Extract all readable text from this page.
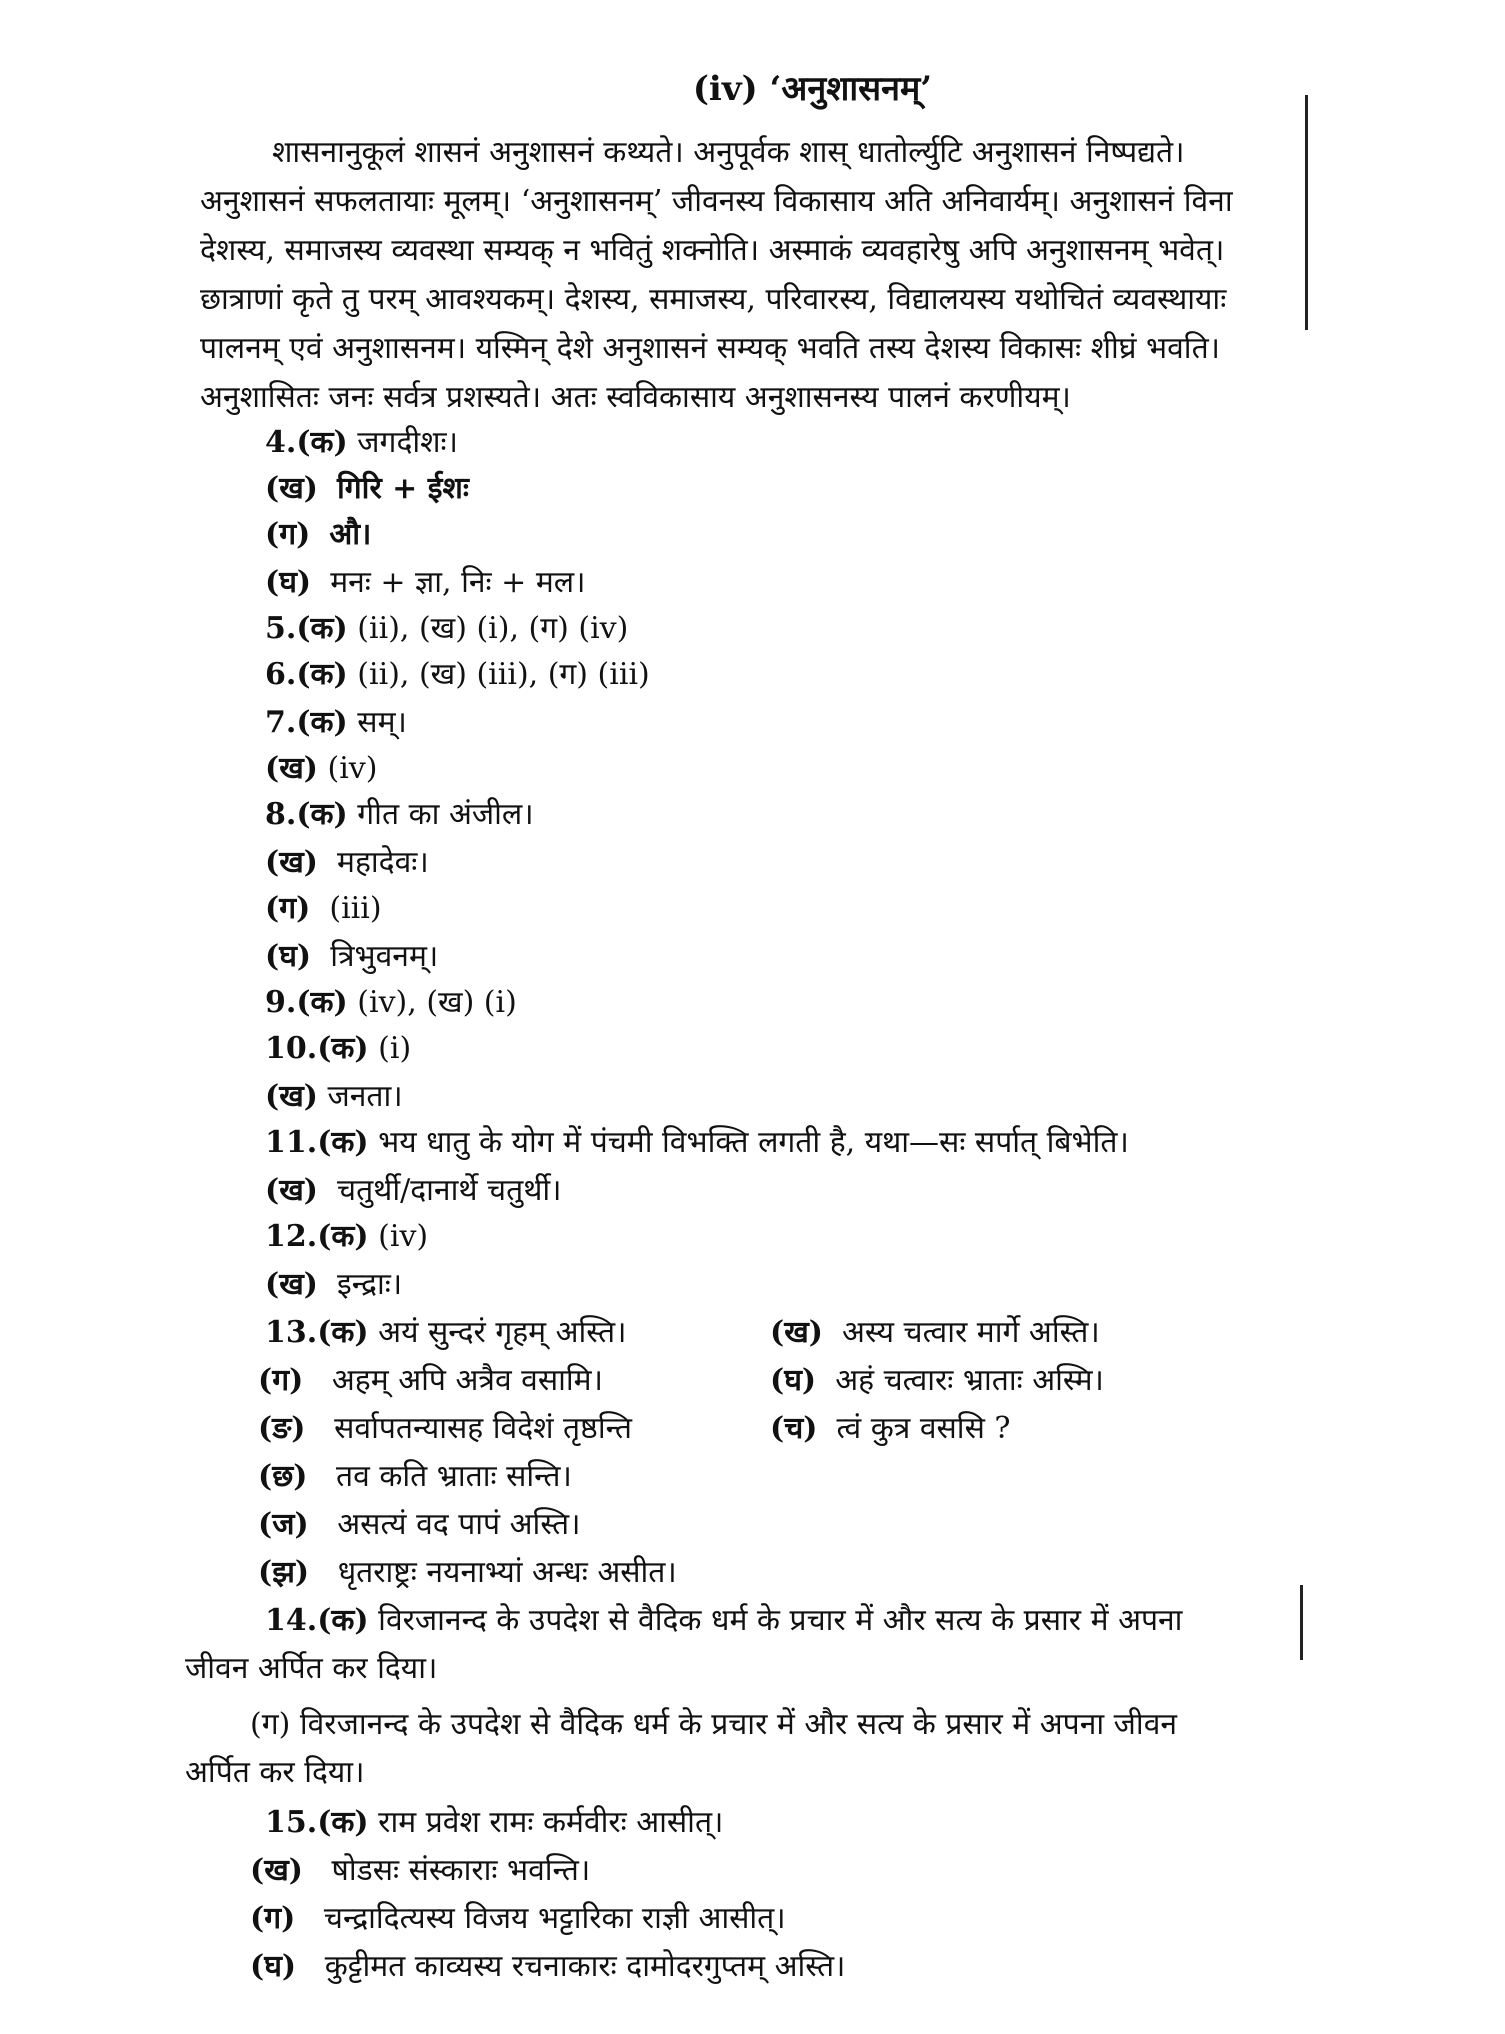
(iv) ‘अनुशासनम्’
शासनानुकूलं शासनं अनुशासनं कथ्यते। अनुपूर्वक शास् धातोर्ल्युटि अनुशासनं निष्पद्यते।
अनुशासनं सफलतायाः मूलम्। ‘अनुशासनम्’ जीवनस्य विकासाय अति अनिवार्यम्। अनुशासनं विना
देशस्य, समाजस्य व्यवस्था सम्यक् न भवितुं शक्नोति। अस्माकं व्यवहारेषु अपि अनुशासनम् भवेत्।
छात्राणां कृते तु परम् आवश्यकम्। देशस्य, समाजस्य, परिवारस्य, विद्यालयस्य यथोचितं व्यवस्थायाः
पालनम् एवं अनुशासनम। यस्मिन् देशे अनुशासनं सम्यक् भवति तस्य देशस्य विकासः शीघ्रं भवति।
अनुशासितः जनः सर्वत्र प्रशस्यते। अतः स्वविकासाय अनुशासनस्य पालनं करणीयम्।
4.(क) जगदीशः।
(ख) गिरि + ईशः
(ग) औ।
(घ) मनः + ज्ञा, निः + मल।
5.(क) (ii), (ख) (i), (ग) (iv)
6.(क) (ii), (ख) (iii), (ग) (iii)
7.(क) सम्।
(ख) (iv)
8.(क) गीत का अंजील।
(ख) महादेवः।
(ग) (iii)
(घ) त्रिभुवनम्।
9.(क) (iv), (ख) (i)
10.(क) (i)
(ख) जनता।
11.(क) भय धातु के योग में पंचमी विभक्ति लगती है, यथा—सः सर्पात् बिभेति।
(ख) चतुर्थी/दानार्थे चतुर्थी।
12.(क) (iv)
(ख) इन्द्राः।
13.(क) अयं सुन्दरं गृहम् अस्ति।	(ख) अस्य चत्वार मार्गे अस्ति।
(ग) अहम् अपि अत्रैव वसामि।	(घ) अहं चत्वारः भ्राताः अस्मि।
(ङ) सर्वापतन्यासह विदेशं तृष्ठन्ति	(च) त्वं कुत्र वससि ?
(छ) तव कति भ्राताः सन्ति।
(ज) असत्यं वद पापं अस्ति।
(झ) धृतराष्ट्रः नयनाभ्यां अन्धः असीत।
14.(क) विरजानन्द के उपदेश से वैदिक धर्म के प्रचार में और सत्य के प्रसार में अपना
जीवन अर्पित कर दिया।
(ग) विरजानन्द के उपदेश से वैदिक धर्म के प्रचार में और सत्य के प्रसार में अपना जीवन
अर्पित कर दिया।
15.(क) राम प्रवेश रामः कर्मवीरः आसीत्।
(ख) षोडसः संस्काराः भवन्ति।
(ग) चन्द्रादित्यस्य विजय भट्टारिका राज्ञी आसीत्।
(घ) कुट्टीमत काव्यस्य रचनाकारः दामोदरगुप्तम् अस्ति।
